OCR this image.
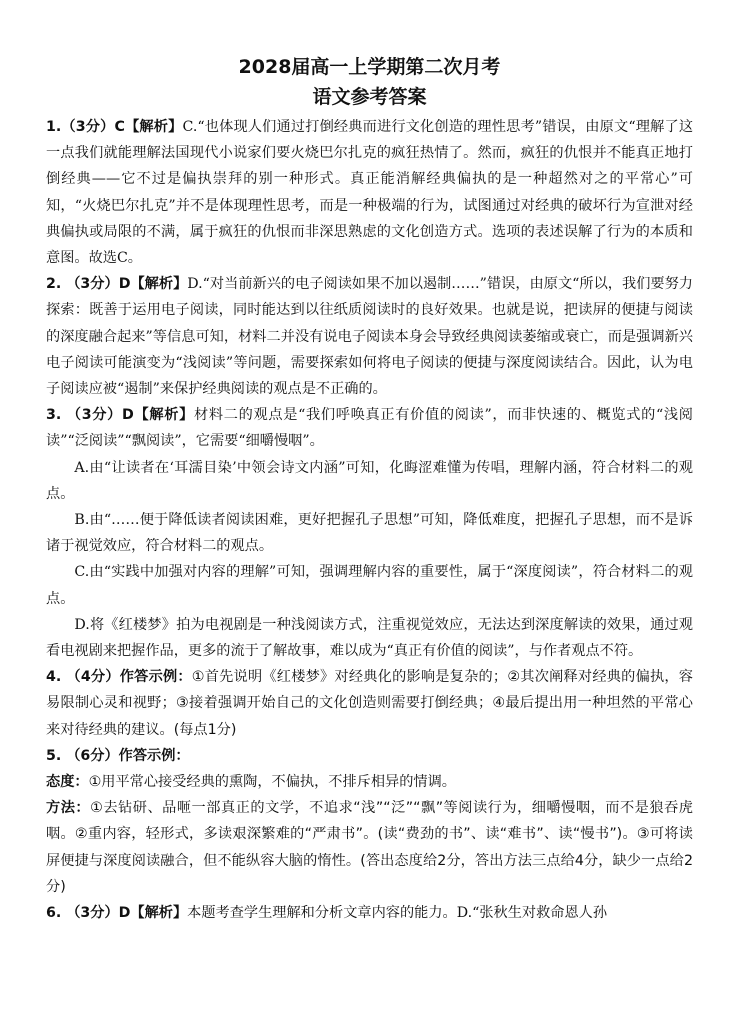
2028届高一上学期第二次月考
语文参考答案

1.（3分）C【解析】C.“也体现人们通过打倒经典而进行文化创造的理性思考”错误，由原文“理解了这一点我们就能理解法国现代小说家们要火烧巴尔扎克的疯狂热情了。然而，疯狂的仇恨并不能真正地打倒经典——它不过是偏执崇拜的别一种形式。真正能消解经典偏执的是一种超然对之的平常心”可知，“火烧巴尔扎克”并不是体现理性思考，而是一种极端的行为，试图通过对经典的破坏行为宣泄对经典偏执或局限的不满，属于疯狂的仇恨而非深思熟虑的文化创造方式。选项的表述误解了行为的本质和意图。故选C。

2. （3分）D【解析】D.“对当前新兴的电子阅读如果不加以遏制……”错误，由原文“所以，我们要努力探索：既善于运用电子阅读，同时能达到以往纸质阅读时的良好效果。也就是说，把读屏的便捷与阅读的深度融合起来”等信息可知，材料二并没有说电子阅读本身会导致经典阅读萎缩或衰亡，而是强调新兴电子阅读可能演变为“浅阅读”等问题，需要探索如何将电子阅读的便捷与深度阅读结合。因此，认为电子阅读应被“遏制”来保护经典阅读的观点是不正确的。

3. （3分）D【解析】材料二的观点是“我们呼唤真正有价值的阅读”，而非快速的、概览式的“浅阅读”“泛阅读”“飘阅读”，它需要“细嚼慢咽”。

A.由“让读者在‘耳濡目染’中领会诗文内涵”可知，化晦涩难懂为传唱，理解内涵，符合材料二的观点。

B.由“……便于降低读者阅读困难，更好把握孔子思想”可知，降低难度，把握孔子思想，而不是诉诸于视觉效应，符合材料二的观点。

C.由“实践中加强对内容的理解”可知，强调理解内容的重要性，属于“深度阅读”，符合材料二的观点。

D.将《红楼梦》拍为电视剧是一种浅阅读方式，注重视觉效应，无法达到深度解读的效果，通过观看电视剧来把握作品，更多的流于了解故事，难以成为“真正有价值的阅读”，与作者观点不符。

4. （4分）作答示例：①首先说明《红楼梦》对经典化的影响是复杂的；②其次阐释对经典的偏执，容易限制心灵和视野；③接着强调开始自己的文化创造则需要打倒经典；④最后提出用一种坦然的平常心来对待经典的建议。(每点1分)

5. （6分）作答示例：

态度：①用平常心接受经典的熏陶，不偏执，不排斥相异的情调。

方法：①去钻研、品咂一部真正的文学，不追求“浅”“泛”“飘”等阅读行为，细嚼慢咽，而不是狼吞虎咽。②重内容，轻形式，多读艰深繁难的“严肃书”。(读“费劲的书”、读“难书”、读“慢书”)。③可将读屏便捷与深度阅读融合，但不能纵容大脑的惰性。(答出态度给2分，答出方法三点给4分，缺少一点给2分)

6. （3分）D【解析】本题考查学生理解和分析文章内容的能力。D.“张秋生对救命恩人孙
